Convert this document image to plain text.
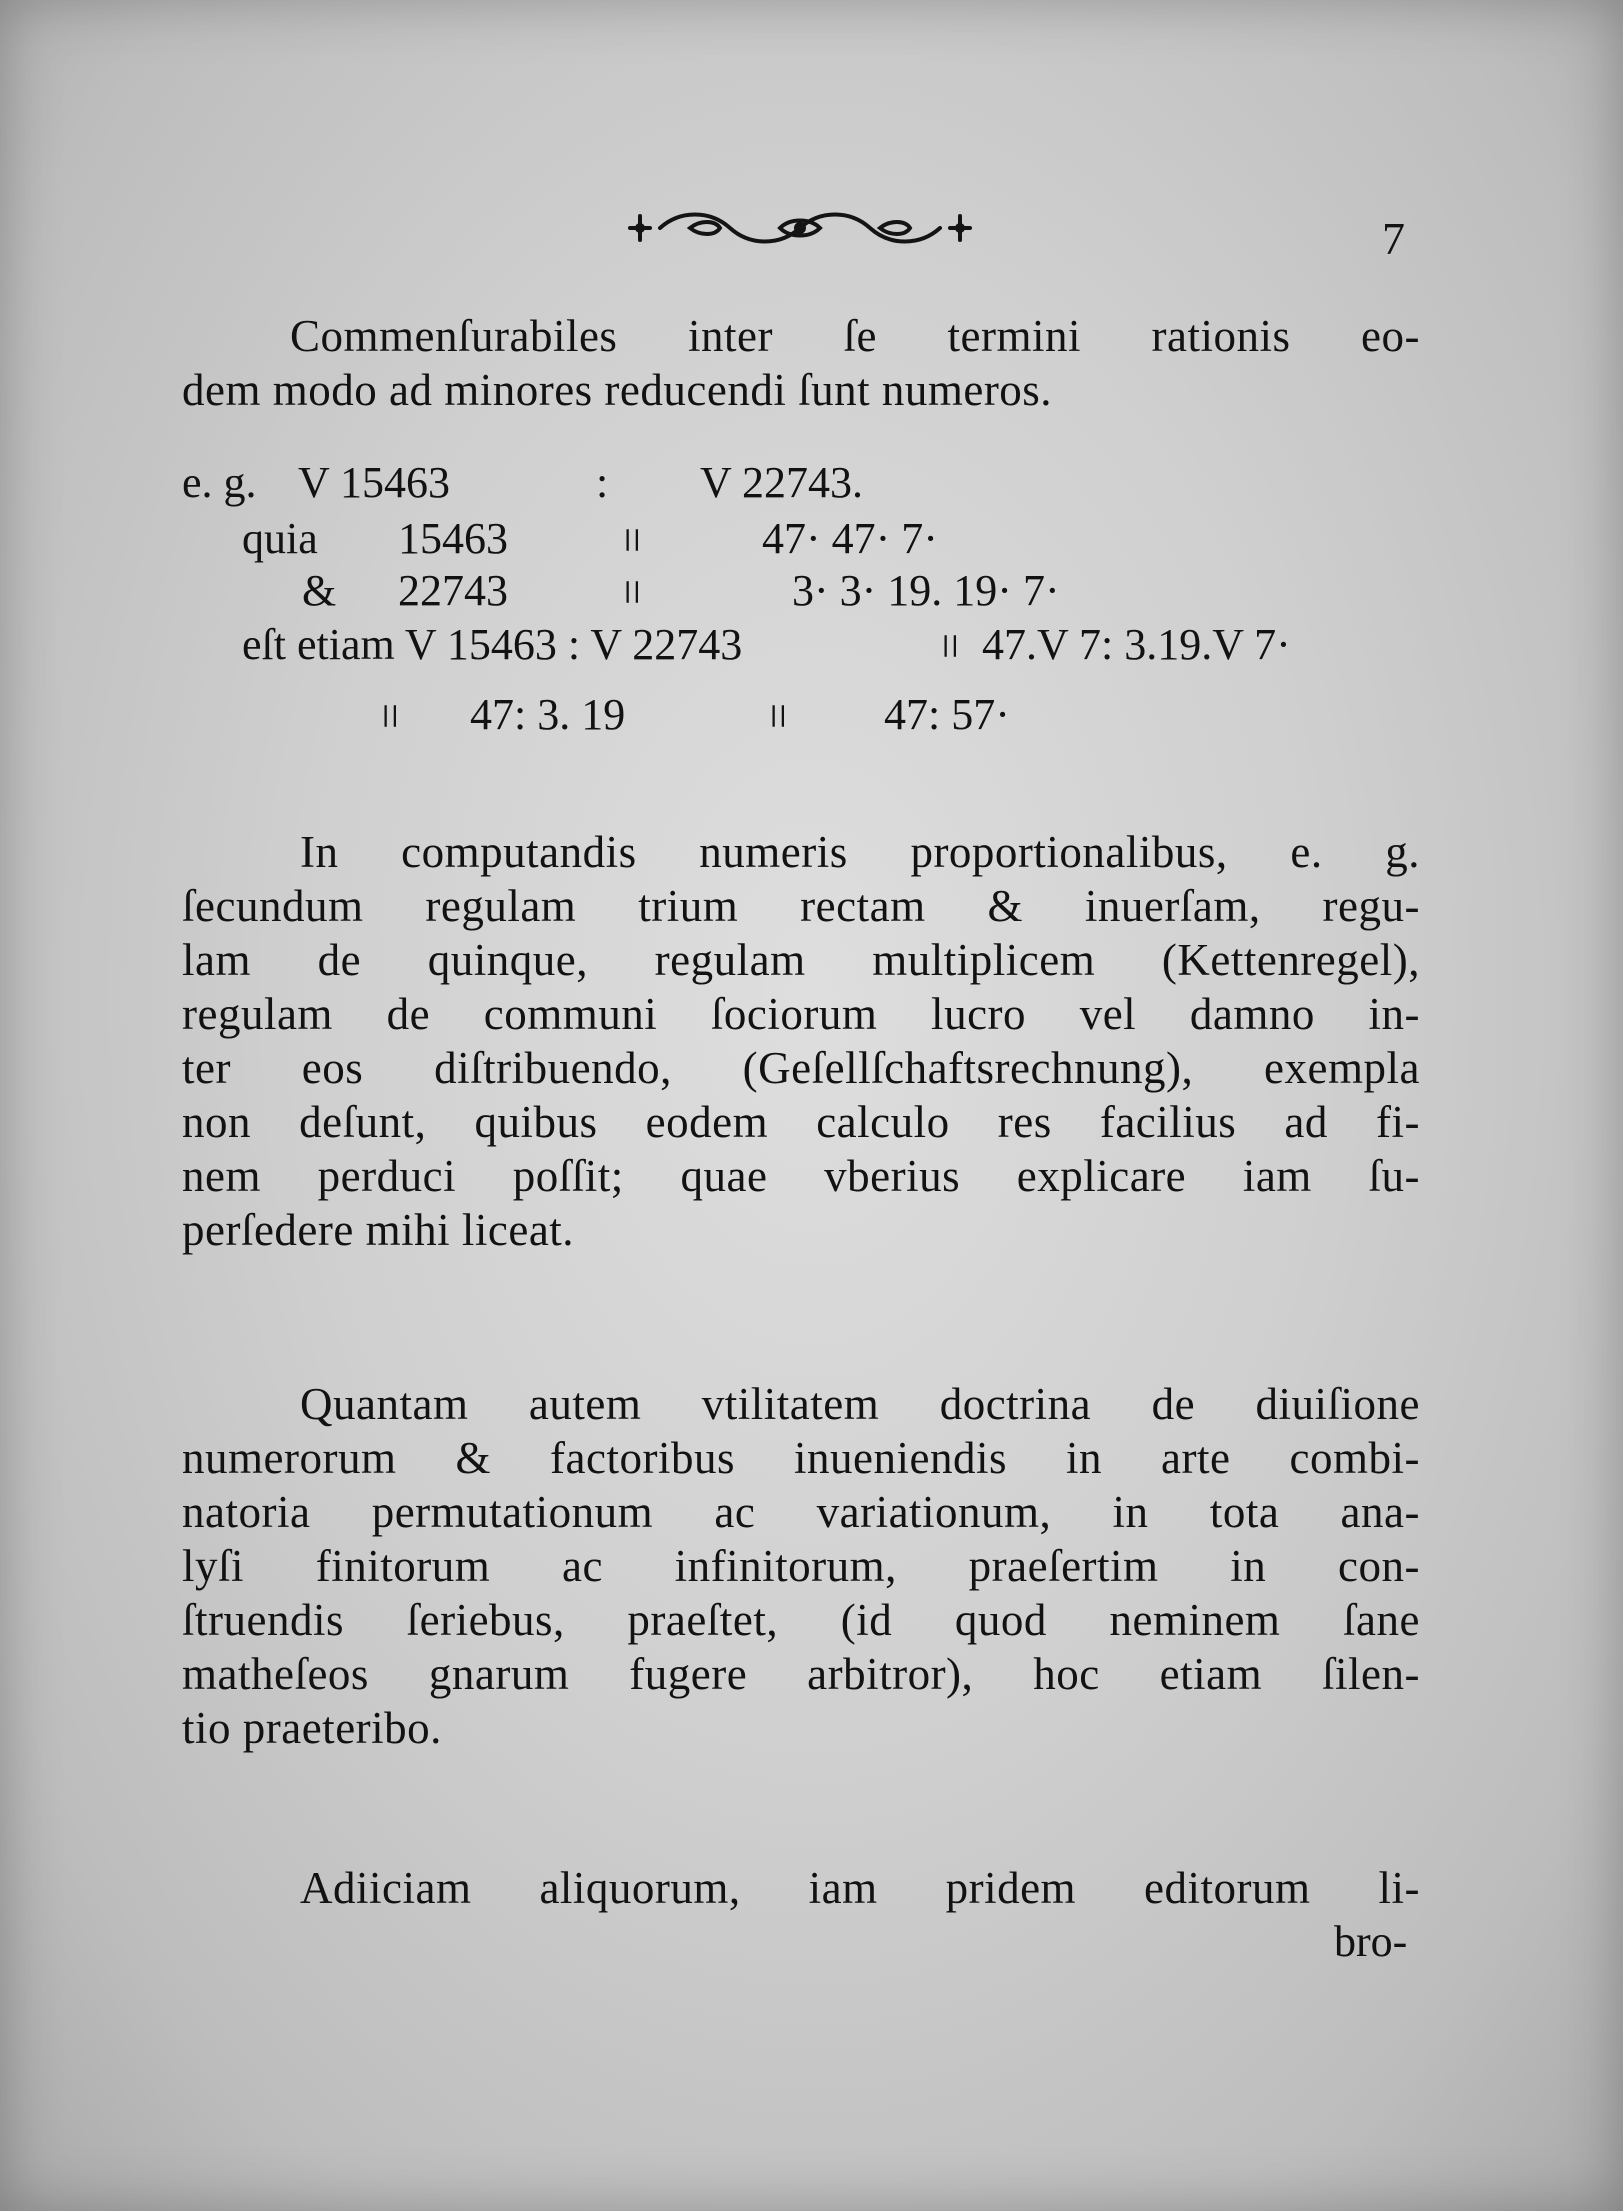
7
Commenſurabiles inter ſe termini rationis eo-
dem modo ad minores reducendi ſunt numeros.
e. g. V 15463	: V 22743.
quia 15463 = 47· 47· 7·
& 22743 =	3· 3· 19. 19· 7·
eſt etiam V 15463 : V 22743	= 47.V 7: 3.19.V 7·
= 47: 3. 19	= 47: 57·
In computandis numeris proportionalibus, e. g.
ſecundum regulam trium rectam & inuerſam, regu-
lam de quinque, regulam multiplicem (Kettenregel),
regulam de communi ſociorum lucro vel damno in-
ter eos diſtribuendo, (Geſellſchaftsrechnung), exempla
non deſunt, quibus eodem calculo res facilius ad fi-
nem perduci poſſit; quae vberius explicare iam ſu-
perſedere mihi liceat.
Quantam autem vtilitatem doctrina de diuiſione
numerorum & factoribus inueniendis in arte combi-
natoria permutationum ac variationum, in tota ana-
lyſi finitorum ac infinitorum, praeſertim in con-
ſtruendis ſeriebus, praeſtet, (id quod neminem ſane
matheſeos gnarum fugere arbitror), hoc etiam ſilen-
tio praeteribo.
Adiiciam aliquorum, iam pridem editorum li-
bro-
